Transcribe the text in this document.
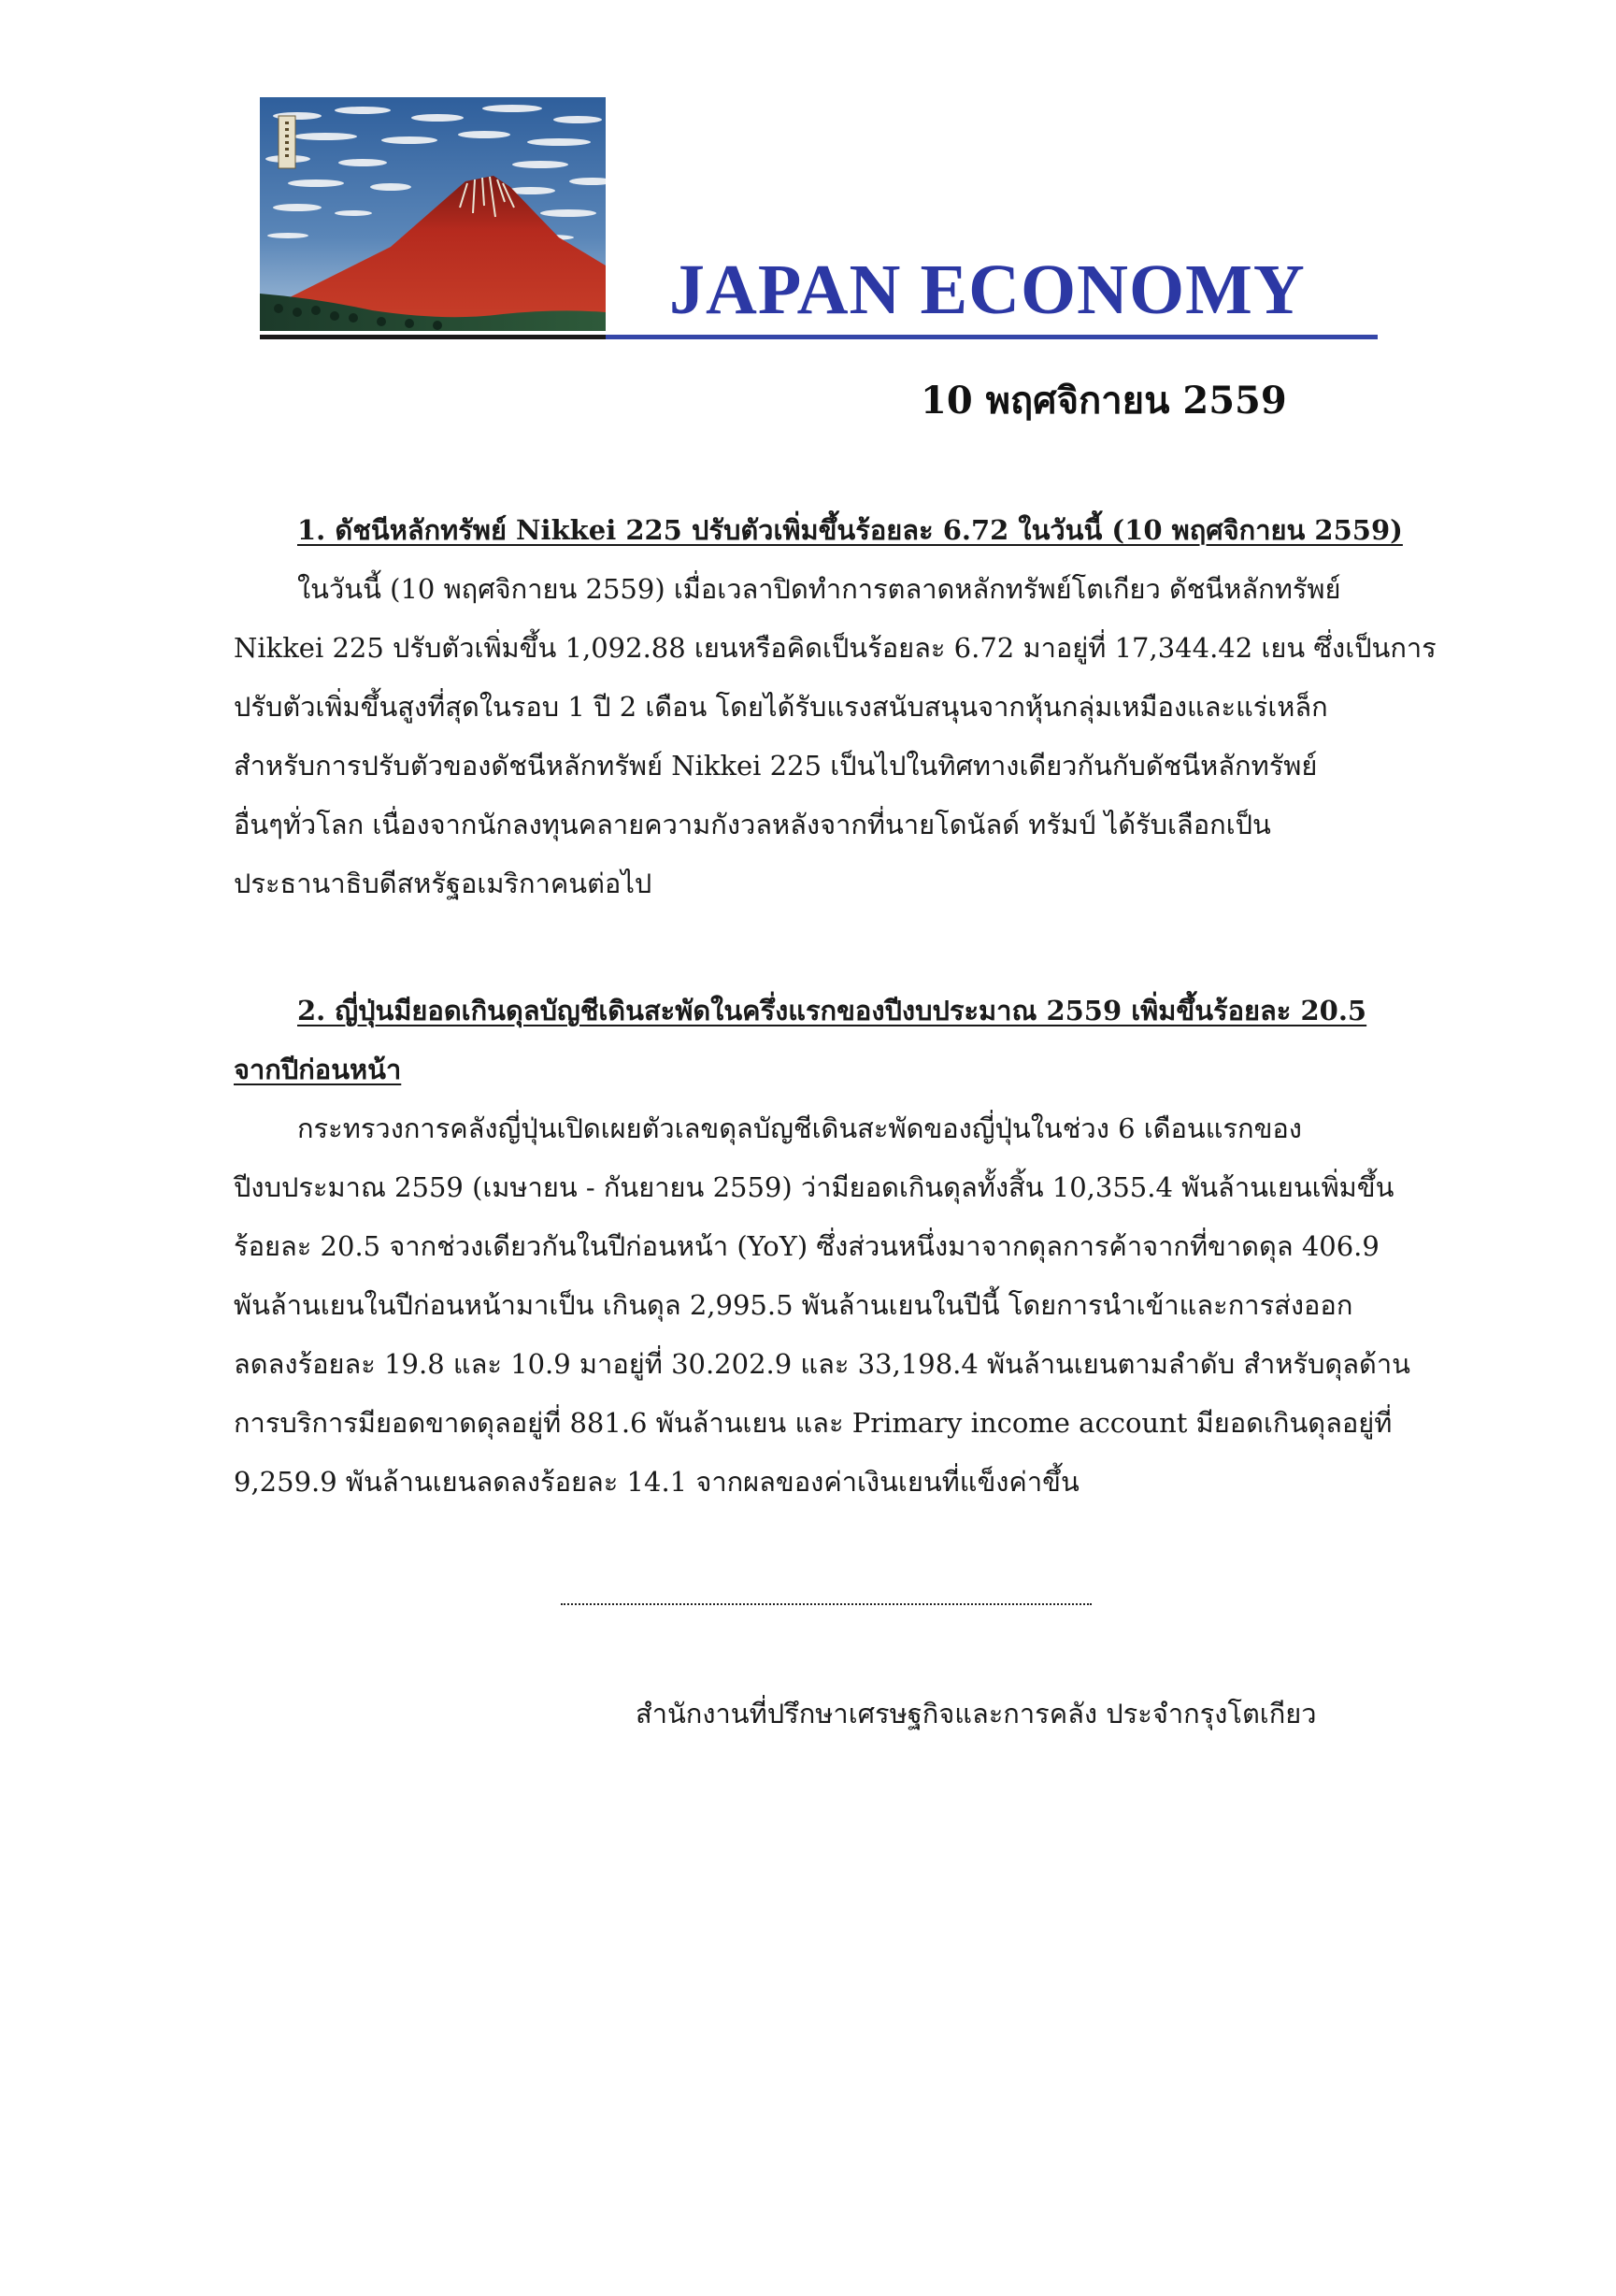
JAPAN ECONOMY
10 พฤศจิกายน 2559

1. ดัชนีหลักทรัพย์ Nikkei 225 ปรับตัวเพิ่มขึ้นร้อยละ 6.72 ในวันนี้ (10 พฤศจิกายน 2559)

ในวันนี้ (10 พฤศจิกายน 2559) เมื่อเวลาปิดทำการตลาดหลักทรัพย์โตเกียว ดัชนีหลักทรัพย์
Nikkei 225 ปรับตัวเพิ่มขึ้น 1,092.88 เยนหรือคิดเป็นร้อยละ 6.72 มาอยู่ที่ 17,344.42 เยน ซึ่งเป็นการ
ปรับตัวเพิ่มขึ้นสูงที่สุดในรอบ 1 ปี 2 เดือน โดยได้รับแรงสนับสนุนจากหุ้นกลุ่มเหมืองและแร่เหล็ก
สำหรับการปรับตัวของดัชนีหลักทรัพย์ Nikkei 225 เป็นไปในทิศทางเดียวกันกับดัชนีหลักทรัพย์
อื่นๆทั่วโลก เนื่องจากนักลงทุนคลายความกังวลหลังจากที่นายโดนัลด์ ทรัมป์ ได้รับเลือกเป็น
ประธานาธิบดีสหรัฐอเมริกาคนต่อไป

2. ญี่ปุ่นมียอดเกินดุลบัญชีเดินสะพัดในครึ่งแรกของปีงบประมาณ 2559 เพิ่มขึ้นร้อยละ 20.5
จากปีก่อนหน้า

กระทรวงการคลังญี่ปุ่นเปิดเผยตัวเลขดุลบัญชีเดินสะพัดของญี่ปุ่นในช่วง 6 เดือนแรกของ
ปีงบประมาณ 2559 (เมษายน - กันยายน 2559) ว่ามียอดเกินดุลทั้งสิ้น 10,355.4 พันล้านเยนเพิ่มขึ้น
ร้อยละ 20.5 จากช่วงเดียวกันในปีก่อนหน้า (YoY) ซึ่งส่วนหนึ่งมาจากดุลการค้าจากที่ขาดดุล 406.9
พันล้านเยนในปีก่อนหน้ามาเป็น เกินดุล 2,995.5 พันล้านเยนในปีนี้ โดยการนำเข้าและการส่งออก
ลดลงร้อยละ 19.8 และ 10.9 มาอยู่ที่ 30.202.9 และ 33,198.4 พันล้านเยนตามลำดับ สำหรับดุลด้าน
การบริการมียอดขาดดุลอยู่ที่ 881.6 พันล้านเยน และ Primary income account มียอดเกินดุลอยู่ที่
9,259.9 พันล้านเยนลดลงร้อยละ 14.1 จากผลของค่าเงินเยนที่แข็งค่าขึ้น

สำนักงานที่ปรึกษาเศรษฐกิจและการคลัง ประจำกรุงโตเกียว
